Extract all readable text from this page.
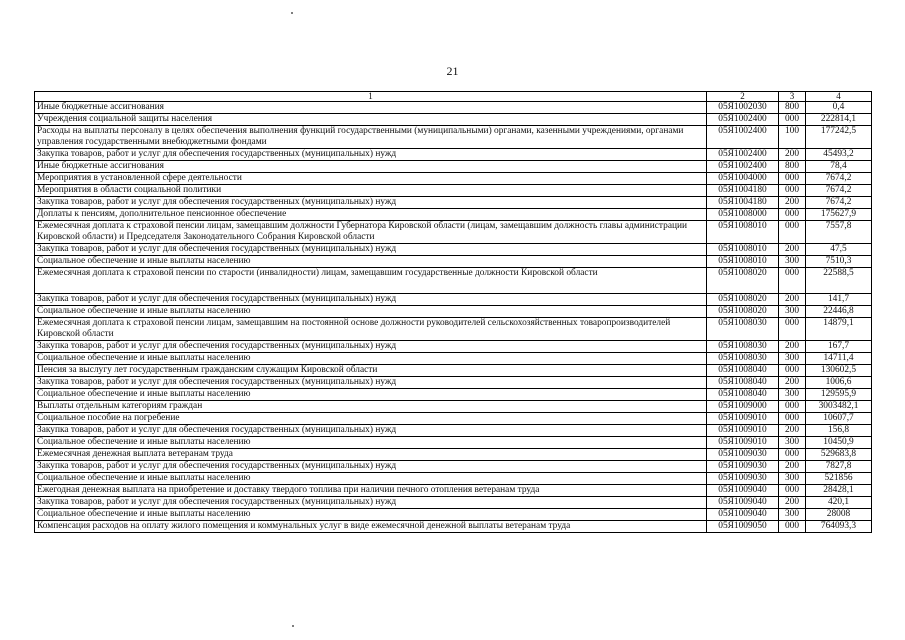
21
1	2	3	4
Иные бюджетные ассигнования	05Я1002030	800	0,4
Учреждения социальной защиты населения	05Я1002400	000	222814,1
Расходы на выплаты персоналу в целях обеспечения выполнения функций государственными (муниципальными) органами, казенными учреждениями, органами управления государственными внебюджетными фондами	05Я1002400	100	177242,5
Закупка товаров, работ и услуг для обеспечения государственных (муниципальных) нужд	05Я1002400	200	45493,2
Иные бюджетные ассигнования	05Я1002400	800	78,4
Мероприятия в установленной сфере деятельности	05Я1004000	000	7674,2
Мероприятия в области социальной политики	05Я1004180	000	7674,2
Закупка товаров, работ и услуг для обеспечения государственных (муниципальных) нужд	05Я1004180	200	7674,2
Доплаты к пенсиям, дополнительное пенсионное обеспечение	05Я1008000	000	175627,9
Ежемесячная доплата к страховой пенсии лицам, замещавшим должности Губернатора Кировской области (лицам, замещавшим должность главы администрации Кировской области) и Председателя Законодательного Собрания Кировской области	05Я1008010	000	7557,8
Закупка товаров, работ и услуг для обеспечения государственных (муниципальных) нужд	05Я1008010	200	47,5
Социальное обеспечение и иные выплаты населению	05Я1008010	300	7510,3
Ежемесячная доплата к страховой пенсии по старости (инвалидности) лицам, замещавшим государственные должности Кировской области	05Я1008020	000	22588,5
Закупка товаров, работ и услуг для обеспечения государственных (муниципальных) нужд	05Я1008020	200	141,7
Социальное обеспечение и иные выплаты населению	05Я1008020	300	22446,8
Ежемесячная доплата к страховой пенсии лицам, замещавшим на постоянной основе должности руководителей сельскохозяйственных товаропроизводителей Кировской области	05Я1008030	000	14879,1
Закупка товаров, работ и услуг для обеспечения государственных (муниципальных) нужд	05Я1008030	200	167,7
Социальное обеспечение и иные выплаты населению	05Я1008030	300	14711,4
Пенсия за выслугу лет государственным гражданским служащим Кировской области	05Я1008040	000	130602,5
Закупка товаров, работ и услуг для обеспечения государственных (муниципальных) нужд	05Я1008040	200	1006,6
Социальное обеспечение и иные выплаты населению	05Я1008040	300	129595,9
Выплаты отдельным категориям граждан	05Я1009000	000	3003482,1
Социальное пособие на погребение	05Я1009010	000	10607,7
Закупка товаров, работ и услуг для обеспечения государственных (муниципальных) нужд	05Я1009010	200	156,8
Социальное обеспечение и иные выплаты населению	05Я1009010	300	10450,9
Ежемесячная денежная выплата ветеранам труда	05Я1009030	000	529683,8
Закупка товаров, работ и услуг для обеспечения государственных (муниципальных) нужд	05Я1009030	200	7827,8
Социальное обеспечение и иные выплаты населению	05Я1009030	300	521856
Ежегодная денежная выплата на приобретение и доставку твердого топлива при наличии печного отопления ветеранам труда	05Я1009040	000	28428,1
Закупка товаров, работ и услуг для обеспечения государственных (муниципальных) нужд	05Я1009040	200	420,1
Социальное обеспечение и иные выплаты населению	05Я1009040	300	28008
Компенсация расходов на оплату жилого помещения и коммунальных услуг в виде ежемесячной денежной выплаты ветеранам труда	05Я1009050	000	764093,3
